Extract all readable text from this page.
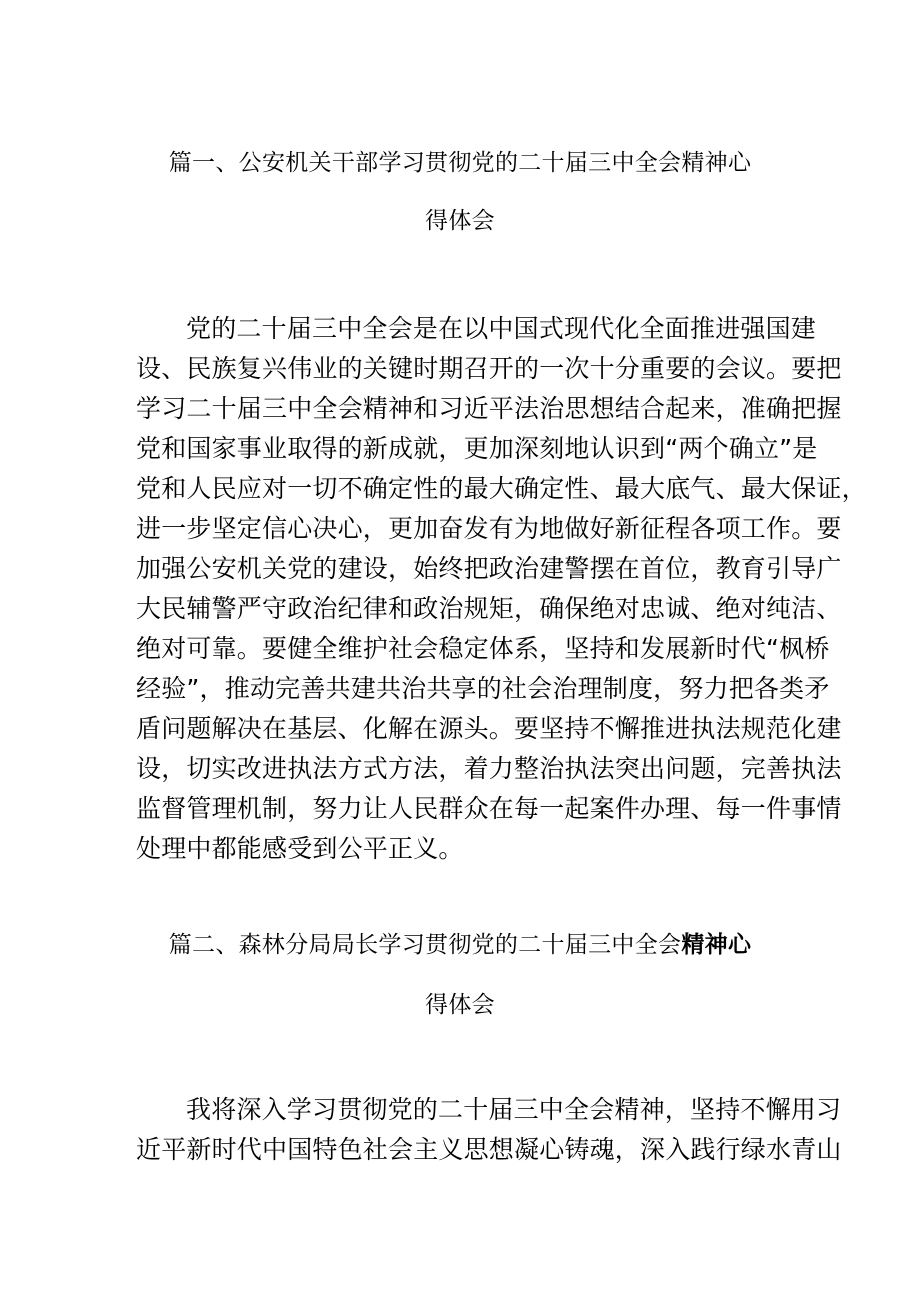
篇一、公安机关干部学习贯彻党的二十届三中全会精神心
得体会
党的二十届三中全会是在以中国式现代化全面推进强国建
设、民族复兴伟业的关键时期召开的一次十分重要的会议。要把
学习二十届三中全会精神和习近平法治思想结合起来，准确把握
党和国家事业取得的新成就，更加深刻地认识到“两个确立”是
党和人民应对一切不确定性的最大确定性、最大底气、最大保证，
进一步坚定信心决心，更加奋发有为地做好新征程各项工作。要
加强公安机关党的建设，始终把政治建警摆在首位，教育引导广
大民辅警严守政治纪律和政治规矩，确保绝对忠诚、绝对纯洁、
绝对可靠。要健全维护社会稳定体系，坚持和发展新时代“枫桥
经验”，推动完善共建共治共享的社会治理制度，努力把各类矛
盾问题解决在基层、化解在源头。要坚持不懈推进执法规范化建
设，切实改进执法方式方法，着力整治执法突出问题，完善执法
监督管理机制，努力让人民群众在每一起案件办理、每一件事情
处理中都能感受到公平正义。
篇二、森林分局局长学习贯彻党的二十届三中全会精神心
得体会
我将深入学习贯彻党的二十届三中全会精神，坚持不懈用习
近平新时代中国特色社会主义思想凝心铸魂，深入践行绿水青山
